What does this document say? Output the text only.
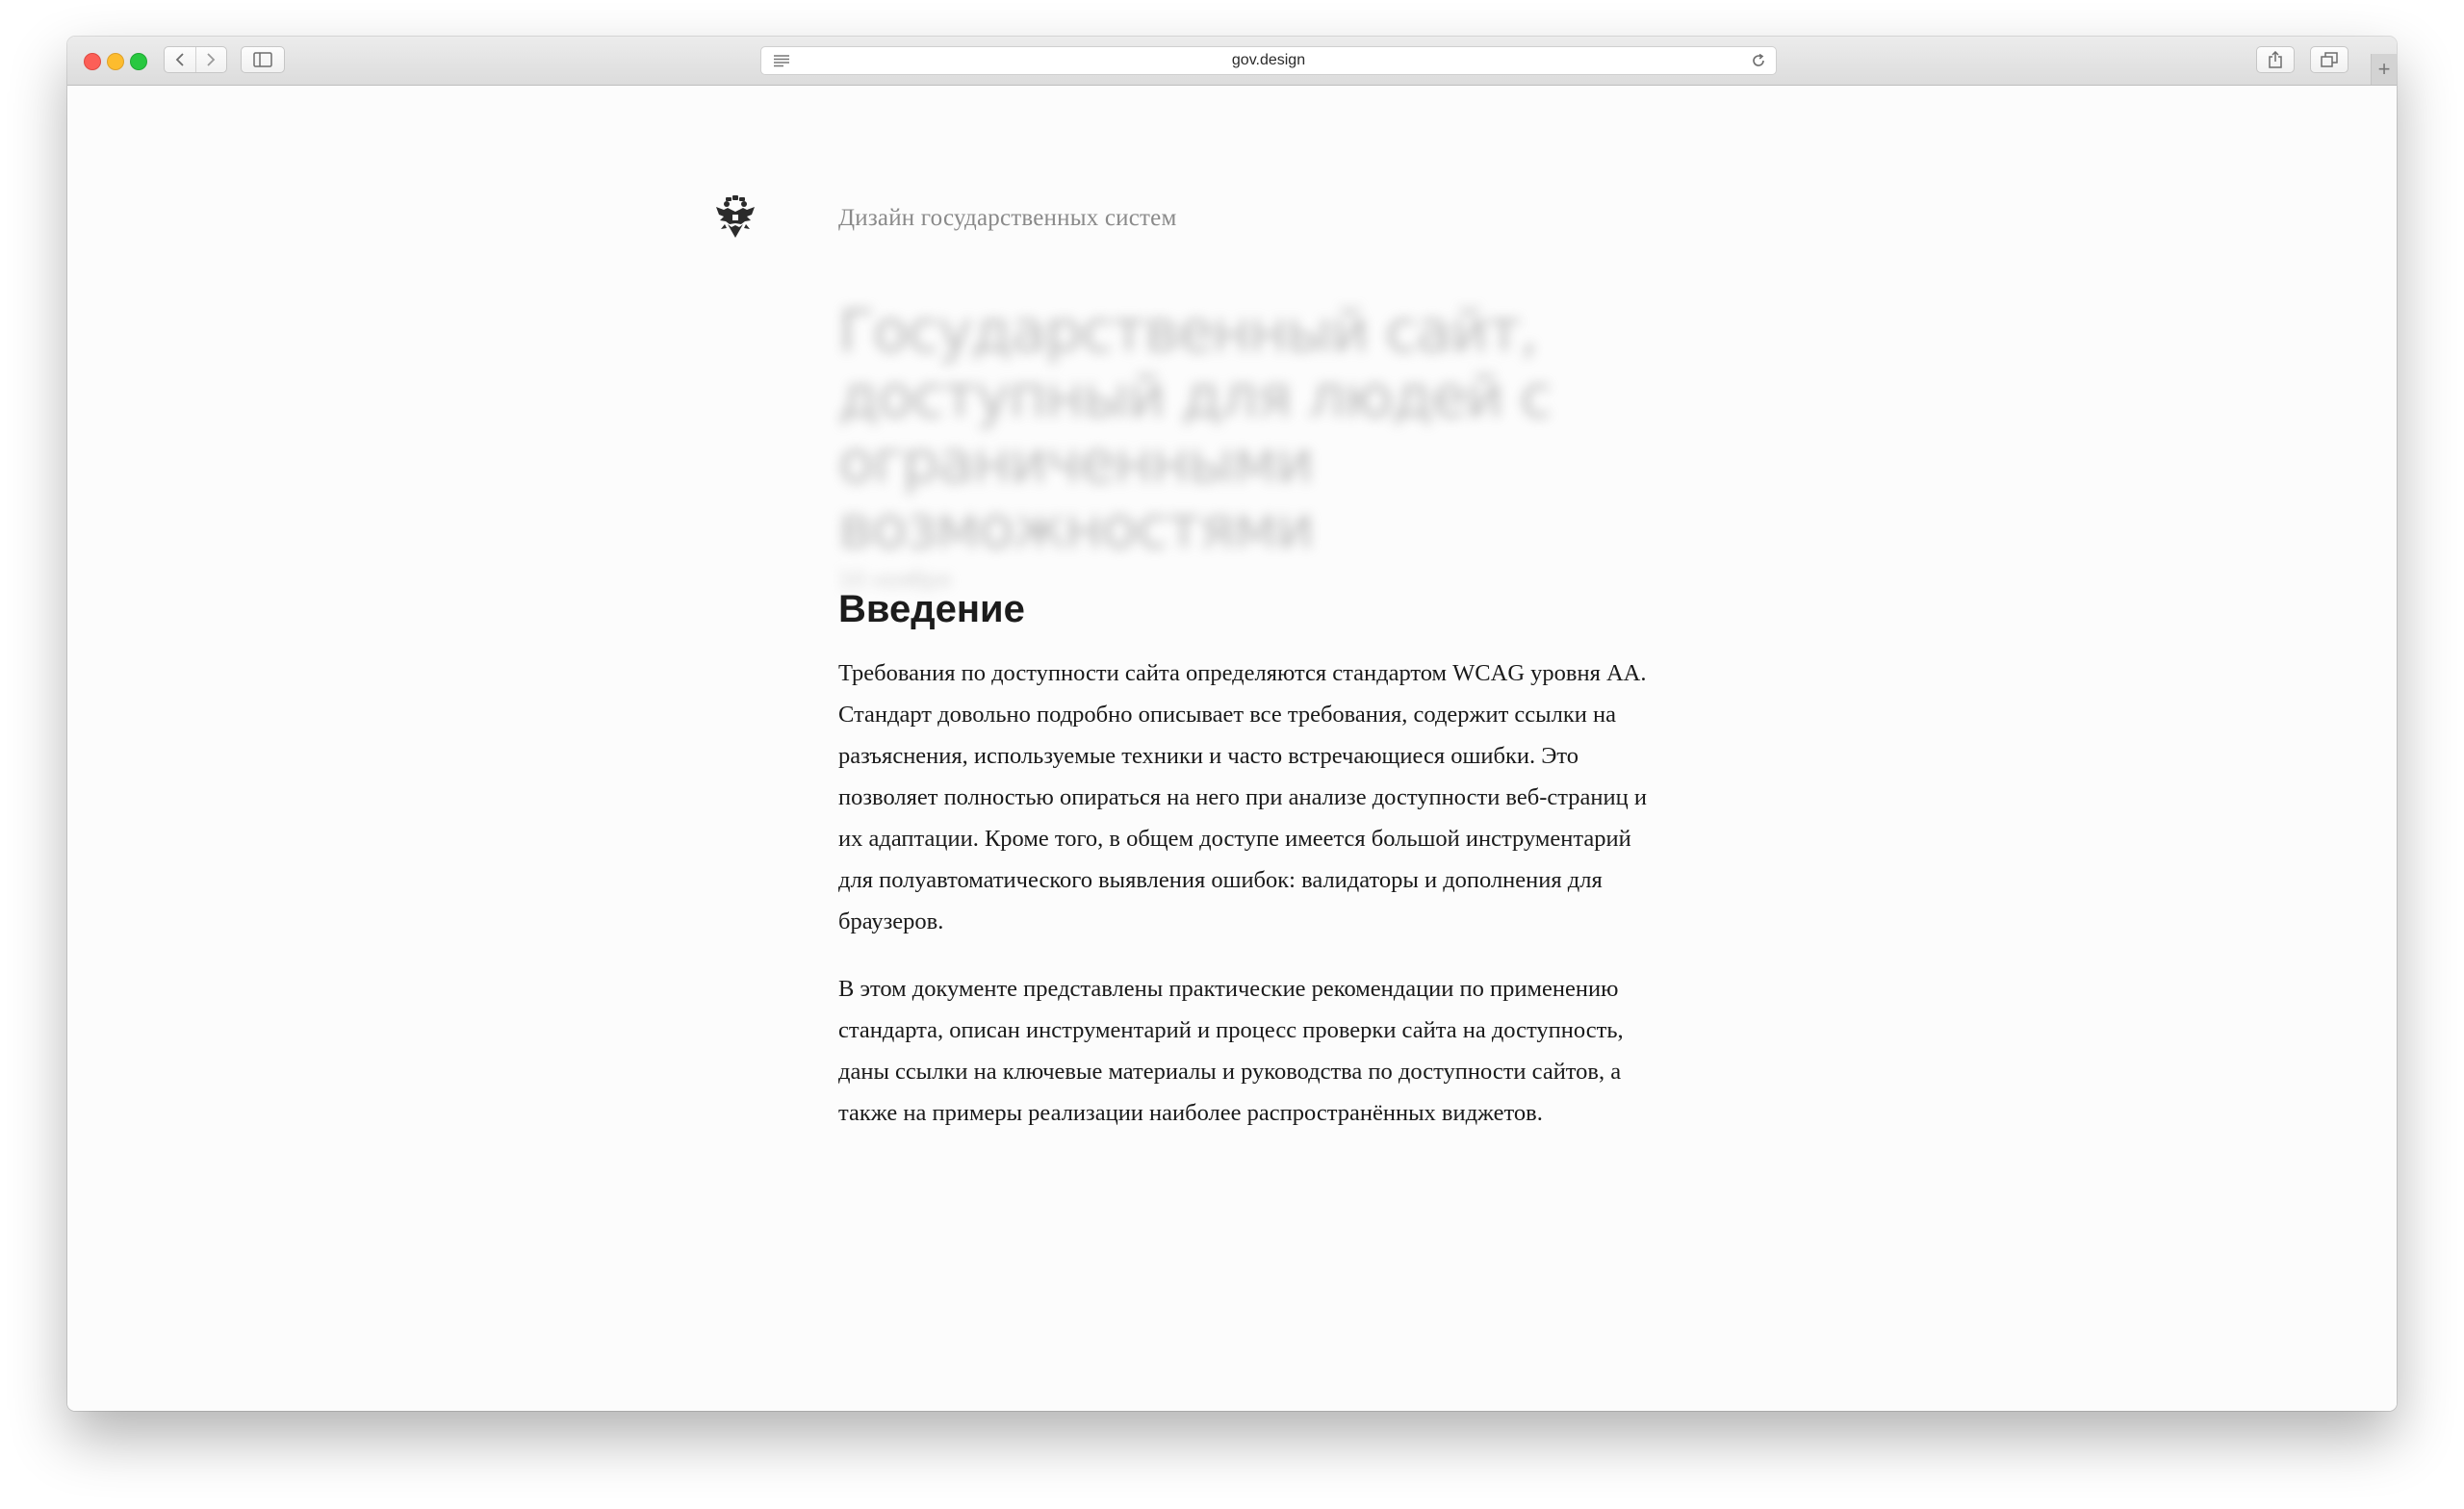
gov.design	+
Дизайн государственных систем
Государственный сайт, доступный для людей с ограниченными возможностями
10 ноября
Введение

Требования по доступности сайта определяются стандартом WCAG уровня AA. Стандарт довольно подробно описывает все требования, содержит ссылки на разъяснения, используемые техники и часто встречающиеся ошибки. Это позволяет полностью опираться на него при анализе доступности веб-страниц и их адаптации. Кроме того, в общем доступе имеется большой инструментарий для полуавтоматического выявления ошибок: валидаторы и дополнения для браузеров.

В этом документе представлены практические рекомендации по применению стандарта, описан инструментарий и процесс проверки сайта на доступность, даны ссылки на ключевые материалы и руководства по доступности сайтов, а также на примеры реализации наиболее распространённых виджетов.
